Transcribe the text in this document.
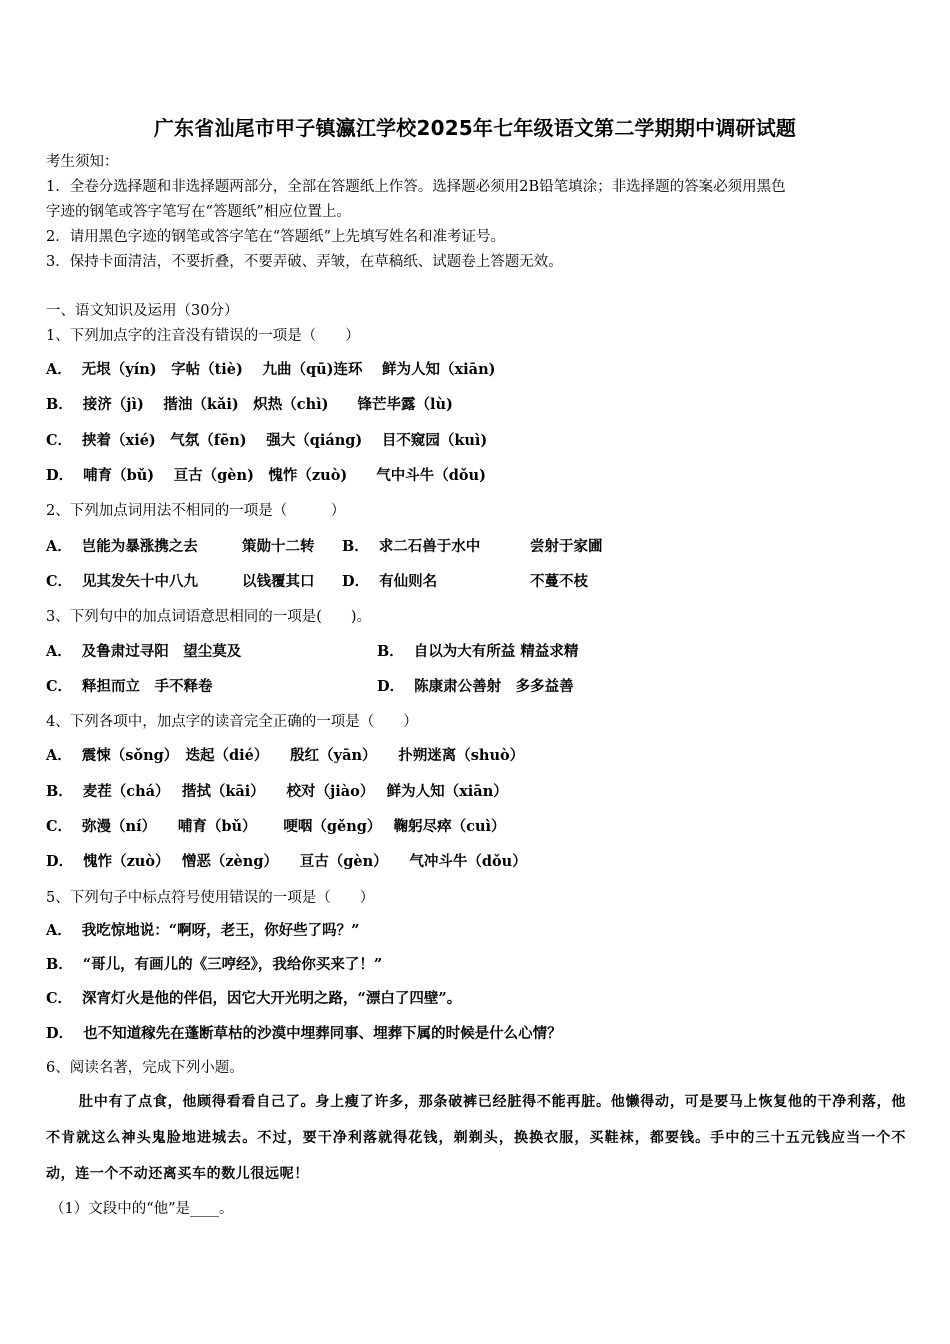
广东省汕尾市甲子镇瀛江学校2025年七年级语文第二学期期中调研试题
考生须知：
1．全卷分选择题和非选择题两部分，全部在答题纸上作答。选择题必须用2B铅笔填涂；非选择题的答案必须用黑色
字迹的钢笔或答字笔写在“答题纸”相应位置上。
2．请用黑色字迹的钢笔或答字笔在“答题纸”上先填写姓名和准考证号。
3．保持卡面清洁，不要折叠，不要弄破、弄皱，在草稿纸、试题卷上答题无效。
一、语文知识及运用（30分）
1、下列加点字的注音没有错误的一项是（　　）
A． 无垠（yín)　字帖（tiè)　 九曲（qū)连环　 鲜为人知（xiān)
B． 接济（jì)　 揩油（kǎi)　炽热（chì)　　锋芒毕露（lù)
C． 挟着（xié)　气氛（fēn)　 强大（qiáng)　 目不窥园（kuì)
D． 哺育（bǔ)　 亘古（gèn)　愧怍（zuò)　　气中斗牛（dǒu)
2、下列加点词用法不相同的一项是（　　　）
A． 岂能为暴涨携之去	策勋十二转 B． 求二石兽于水中	尝射于家圃
C． 见其发矢十中八九	以钱覆其口 D． 有仙则名	不蔓不枝
3、下列句中的加点词语意思相同的一项是(　　)。
A． 及鲁肃过寻阳　望尘莫及	B． 自以为大有所益 精益求精
C． 释担而立　手不释卷	D． 陈康肃公善射　多多益善
4、下列各项中，加点字的读音完全正确的一项是（　　）
A． 震悚（sǒng）　迭起（dié）　　殷红（yān）　　扑朔迷离（shuò）
B． 麦茬（chá）　 揩拭（kāi）　　校对（jiào）　 鲜为人知（xiān）
C． 弥漫（ní）　　哺育（bǔ）　　 哽咽（gěng）　 鞠躬尽瘁（cuì）
D． 愧怍（zuò）　 憎恶（zèng）　　亘古（gèn）　　气冲斗牛（dǒu）
5、下列句子中标点符号使用错误的一项是（　　）
A． 我吃惊地说：“啊呀，老王，你好些了吗？”
B． “哥儿，有画儿的《三哼经》，我给你买来了！”
C． 深宵灯火是他的伴侣，因它大开光明之路，“漂白了四壁”。
D． 也不知道稼先在蓬断草枯的沙漠中埋葬同事、埋葬下属的时候是什么心情？
6、阅读名著，完成下列小题。

肚中有了点食，他顾得看看自己了。身上瘦了许多，那条破裤已经脏得不能再脏。他懒得动，可是要马上恢复他的干净利落，他不肯就这么神头鬼脸地进城去。不过，要干净利落就得花钱，剃剃头，换换衣服，买鞋袜，都要钱。手中的三十五元钱应当一个不动，连一个不动还离买车的数儿很远呢！

（1）文段中的“他”是____。
